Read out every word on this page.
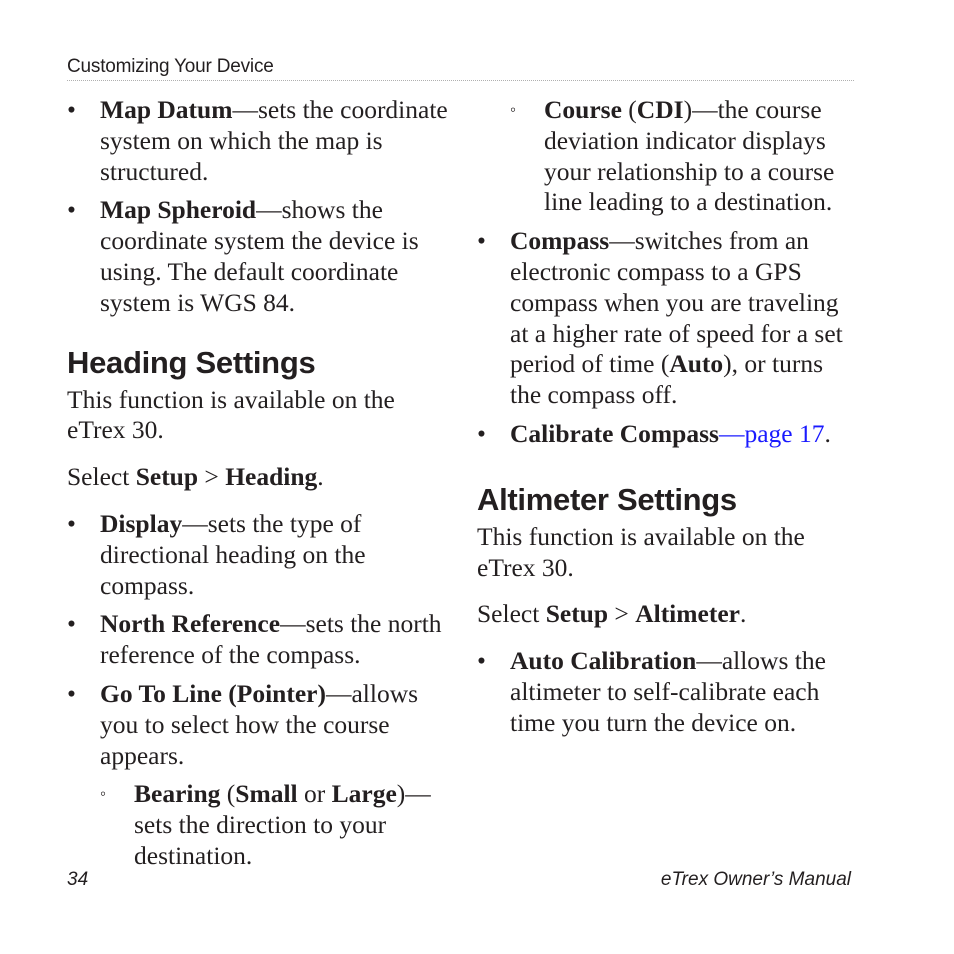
Customizing Your Device
• Map Datum—sets the coordinate system on which the map is structured.
• Map Spheroid—shows the coordinate system the device is using. The default coordinate system is WGS 84.
Heading Settings
This function is available on the eTrex 30.
Select Setup > Heading.
• Display—sets the type of directional heading on the compass.
• North Reference—sets the north reference of the compass.
• Go To Line (Pointer)—allows you to select how the course appears.
◦ Bearing (Small or Large)—sets the direction to your destination.
◦ Course (CDI)—the course deviation indicator displays your relationship to a course line leading to a destination.
• Compass—switches from an electronic compass to a GPS compass when you are traveling at a higher rate of speed for a set period of time (Auto), or turns the compass off.
• Calibrate Compass—page 17.
Altimeter Settings
This function is available on the eTrex 30.
Select Setup > Altimeter.
• Auto Calibration—allows the altimeter to self-calibrate each time you turn the device on.
34	eTrex Owner’s Manual
